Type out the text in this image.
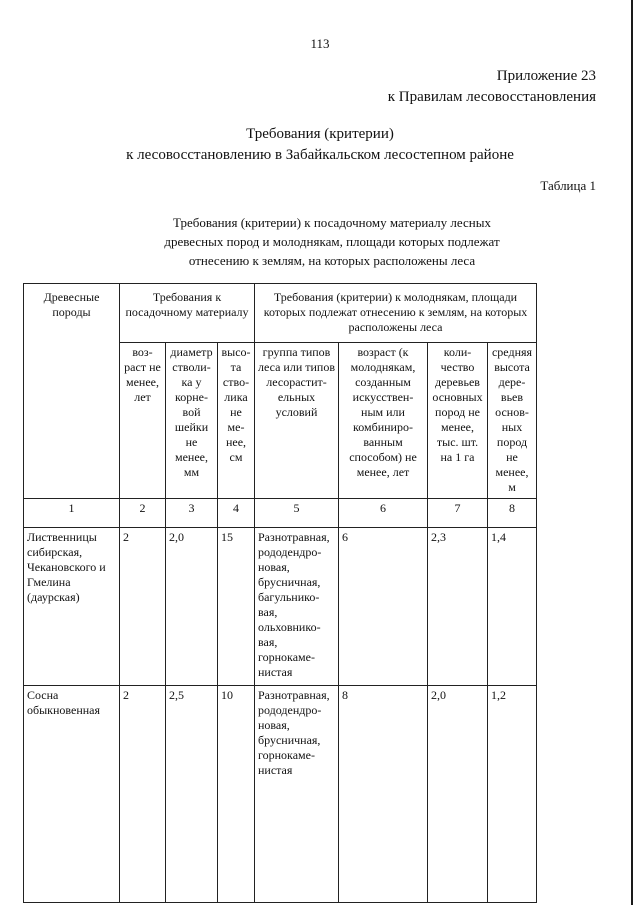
113
Приложение 23
к Правилам лесовосстановления
Требования (критерии)
к лесовосстановлению в Забайкальском лесостепном районе
Таблица 1
Требования (критерии) к посадочному материалу лесных
древесных пород и молоднякам, площади которых подлежат
отнесению к землям, на которых расположены леса
Древесные породы	Требования к посадочному материалу			Требования (критерии) к молоднякам, площади которых подлежат отнесению к землям, на которых расположены леса			
	воз-раст не менее, лет	диаметр стволи-ка у корне-вой шейки не менее, мм	высо-та ство-лика не ме-нее, см	группа типов леса или типов лесорастит-ельных условий	возраст (к молоднякам, созданным искусствен-ным или комбиниро-ванным способом) не менее, лет	коли-чество деревьев основных пород не менее, тыс. шт. на 1 га	средняя высота дере-вьев основ-ных пород не менее, м
1	2	3	4	5	6	7	8
Лиственницы сибирская, Чекановского и Гмелина (даурская)	2	2,0	15	Разнотравная, рододендро-новая, брусничная, багульнико-вая, ольховнико-вая, горнокаме-нистая	6	2,3	1,4
Сосна обыкновенная	2	2,5	10	Разнотравная, рододендро-новая, брусничная, горнокаме-нистая	8	2,0	1,2
